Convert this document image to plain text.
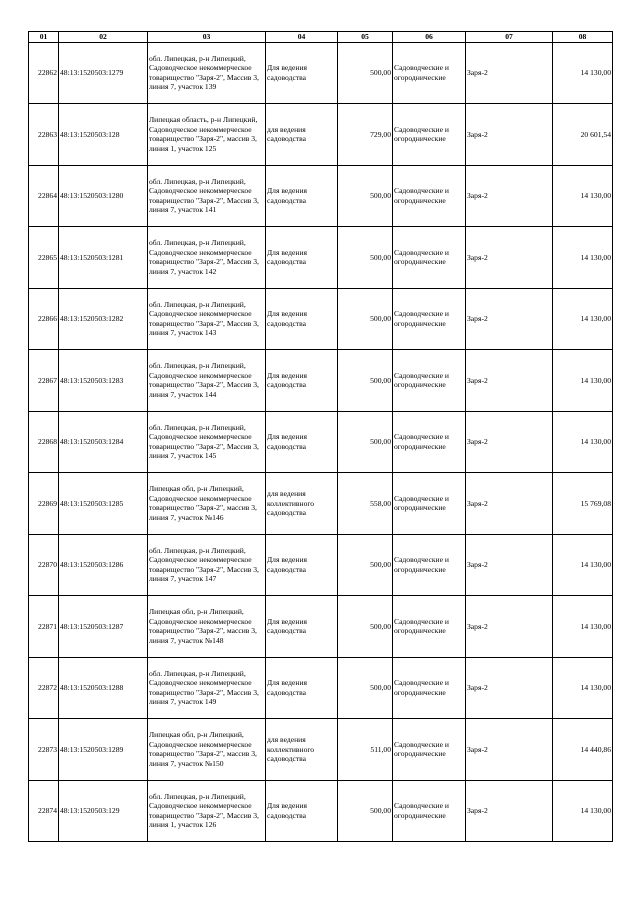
01	02	03	04	05	06	07	08
22862	48:13:1520503:1279	обл. Липецкая, р-н Липецкий, Садоводческое некоммерческое товарищество "Заря-2", Массив 3, линия 7, участок 139	Для ведения садоводства	500,00	Садоводческие и огороднические	Заря-2	14 130,00
22863	48:13:1520503:128	Липецкая область, р-н Липецкий, Садоводческое некоммерческое товарищество "Заря-2", массив 3, линия 1, участок 125	для ведения садоводства	729,00	Садоводческие и огороднические	Заря-2	20 601,54
22864	48:13:1520503:1280	обл. Липецкая, р-н Липецкий, Садоводческое некоммерческое товарищество "Заря-2", Массив 3, линия 7, участок 141	Для ведения садоводства	500,00	Садоводческие и огороднические	Заря-2	14 130,00
22865	48:13:1520503:1281	обл. Липецкая, р-н Липецкий, Садоводческое некоммерческое товарищество "Заря-2", Массив 3, линия 7, участок 142	Для ведения садоводства	500,00	Садоводческие и огороднические	Заря-2	14 130,00
22866	48:13:1520503:1282	обл. Липецкая, р-н Липецкий, Садоводческое некоммерческое товарищество "Заря-2", Массив 3, линия 7, участок 143	Для ведения садоводства	500,00	Садоводческие и огороднические	Заря-2	14 130,00
22867	48:13:1520503:1283	обл. Липецкая, р-н Липецкий, Садоводческое некоммерческое товарищество "Заря-2", Массив 3, линия 7, участок 144	Для ведения садоводства	500,00	Садоводческие и огороднические	Заря-2	14 130,00
22868	48:13:1520503:1284	обл. Липецкая, р-н Липецкий, Садоводческое некоммерческое товарищество "Заря-2", Массив 3, линия 7, участок 145	Для ведения садоводства	500,00	Садоводческие и огороднические	Заря-2	14 130,00
22869	48:13:1520503:1285	Липецкая обл, р-н Липецкий, Садоводческое некоммерческое товарищество "Заря-2", массив 3, линия 7, участок №146	для ведения коллективного садоводства	558,00	Садоводческие и огороднические	Заря-2	15 769,08
22870	48:13:1520503:1286	обл. Липецкая, р-н Липецкий, Садоводческое некоммерческое товарищество "Заря-2", Массив 3, линия 7, участок 147	Для ведения садоводства	500,00	Садоводческие и огороднические	Заря-2	14 130,00
22871	48:13:1520503:1287	Липецкая обл, р-н Липецкий, Садоводческое некоммерческое товарищество "Заря-2", массив 3, линия 7, участок №148	Для ведения садоводства	500,00	Садоводческие и огороднические	Заря-2	14 130,00
22872	48:13:1520503:1288	обл. Липецкая, р-н Липецкий, Садоводческое некоммерческое товарищество "Заря-2", Массив 3, линия 7, участок 149	Для ведения садоводства	500,00	Садоводческие и огороднические	Заря-2	14 130,00
22873	48:13:1520503:1289	Липецкая обл, р-н Липецкий, Садоводческое некоммерческое товарищество "Заря-2", массив 3, линия 7, участок №150	для ведения коллективного садоводства	511,00	Садоводческие и огороднические	Заря-2	14 440,86
22874	48:13:1520503:129	обл. Липецкая, р-н Липецкий, Садоводческое некоммерческое товарищество "Заря-2", Массив 3, линия 1, участок 126	Для ведения садоводства	500,00	Садоводческие и огороднические	Заря-2	14 130,00
